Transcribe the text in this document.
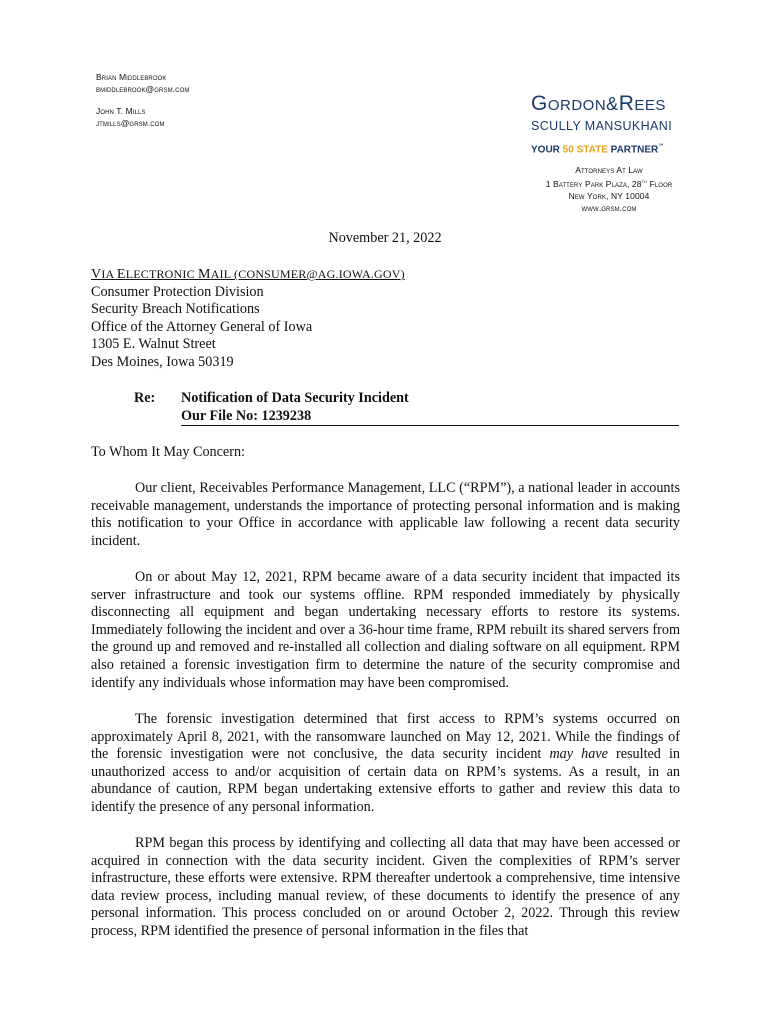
Brian Middlebrook
bmiddlebrook@grsm.com
John T. Mills
jtmills@grsm.com
Gordon&Rees
SCULLY MANSUKHANI
YOUR 50 STATE PARTNER℠
Attorneys At Law
1 Battery Park Plaza, 28th Floor
New York, NY 10004
www.grsm.com
November 21, 2022
VIA ELECTRONIC MAIL (CONSUMER@AG.IOWA.GOV)
Consumer Protection Division
Security Breach Notifications
Office of the Attorney General of Iowa
1305 E. Walnut Street
Des Moines, Iowa 50319
Re: Notification of Data Security Incident
Our File No: 1239238
To Whom It May Concern:
Our client, Receivables Performance Management, LLC (“RPM”), a national leader in accounts receivable management, understands the importance of protecting personal information and is making this notification to your Office in accordance with applicable law following a recent data security incident.
On or about May 12, 2021, RPM became aware of a data security incident that impacted its server infrastructure and took our systems offline. RPM responded immediately by physically disconnecting all equipment and began undertaking necessary efforts to restore its systems. Immediately following the incident and over a 36-hour time frame, RPM rebuilt its shared servers from the ground up and removed and re-installed all collection and dialing software on all equipment. RPM also retained a forensic investigation firm to determine the nature of the security compromise and identify any individuals whose information may have been compromised.
The forensic investigation determined that first access to RPM’s systems occurred on approximately April 8, 2021, with the ransomware launched on May 12, 2021. While the findings of the forensic investigation were not conclusive, the data security incident may have resulted in unauthorized access to and/or acquisition of certain data on RPM’s systems. As a result, in an abundance of caution, RPM began undertaking extensive efforts to gather and review this data to identify the presence of any personal information.
RPM began this process by identifying and collecting all data that may have been accessed or acquired in connection with the data security incident. Given the complexities of RPM’s server infrastructure, these efforts were extensive. RPM thereafter undertook a comprehensive, time intensive data review process, including manual review, of these documents to identify the presence of any personal information. This process concluded on or around October 2, 2022. Through this review process, RPM identified the presence of personal information in the files that
